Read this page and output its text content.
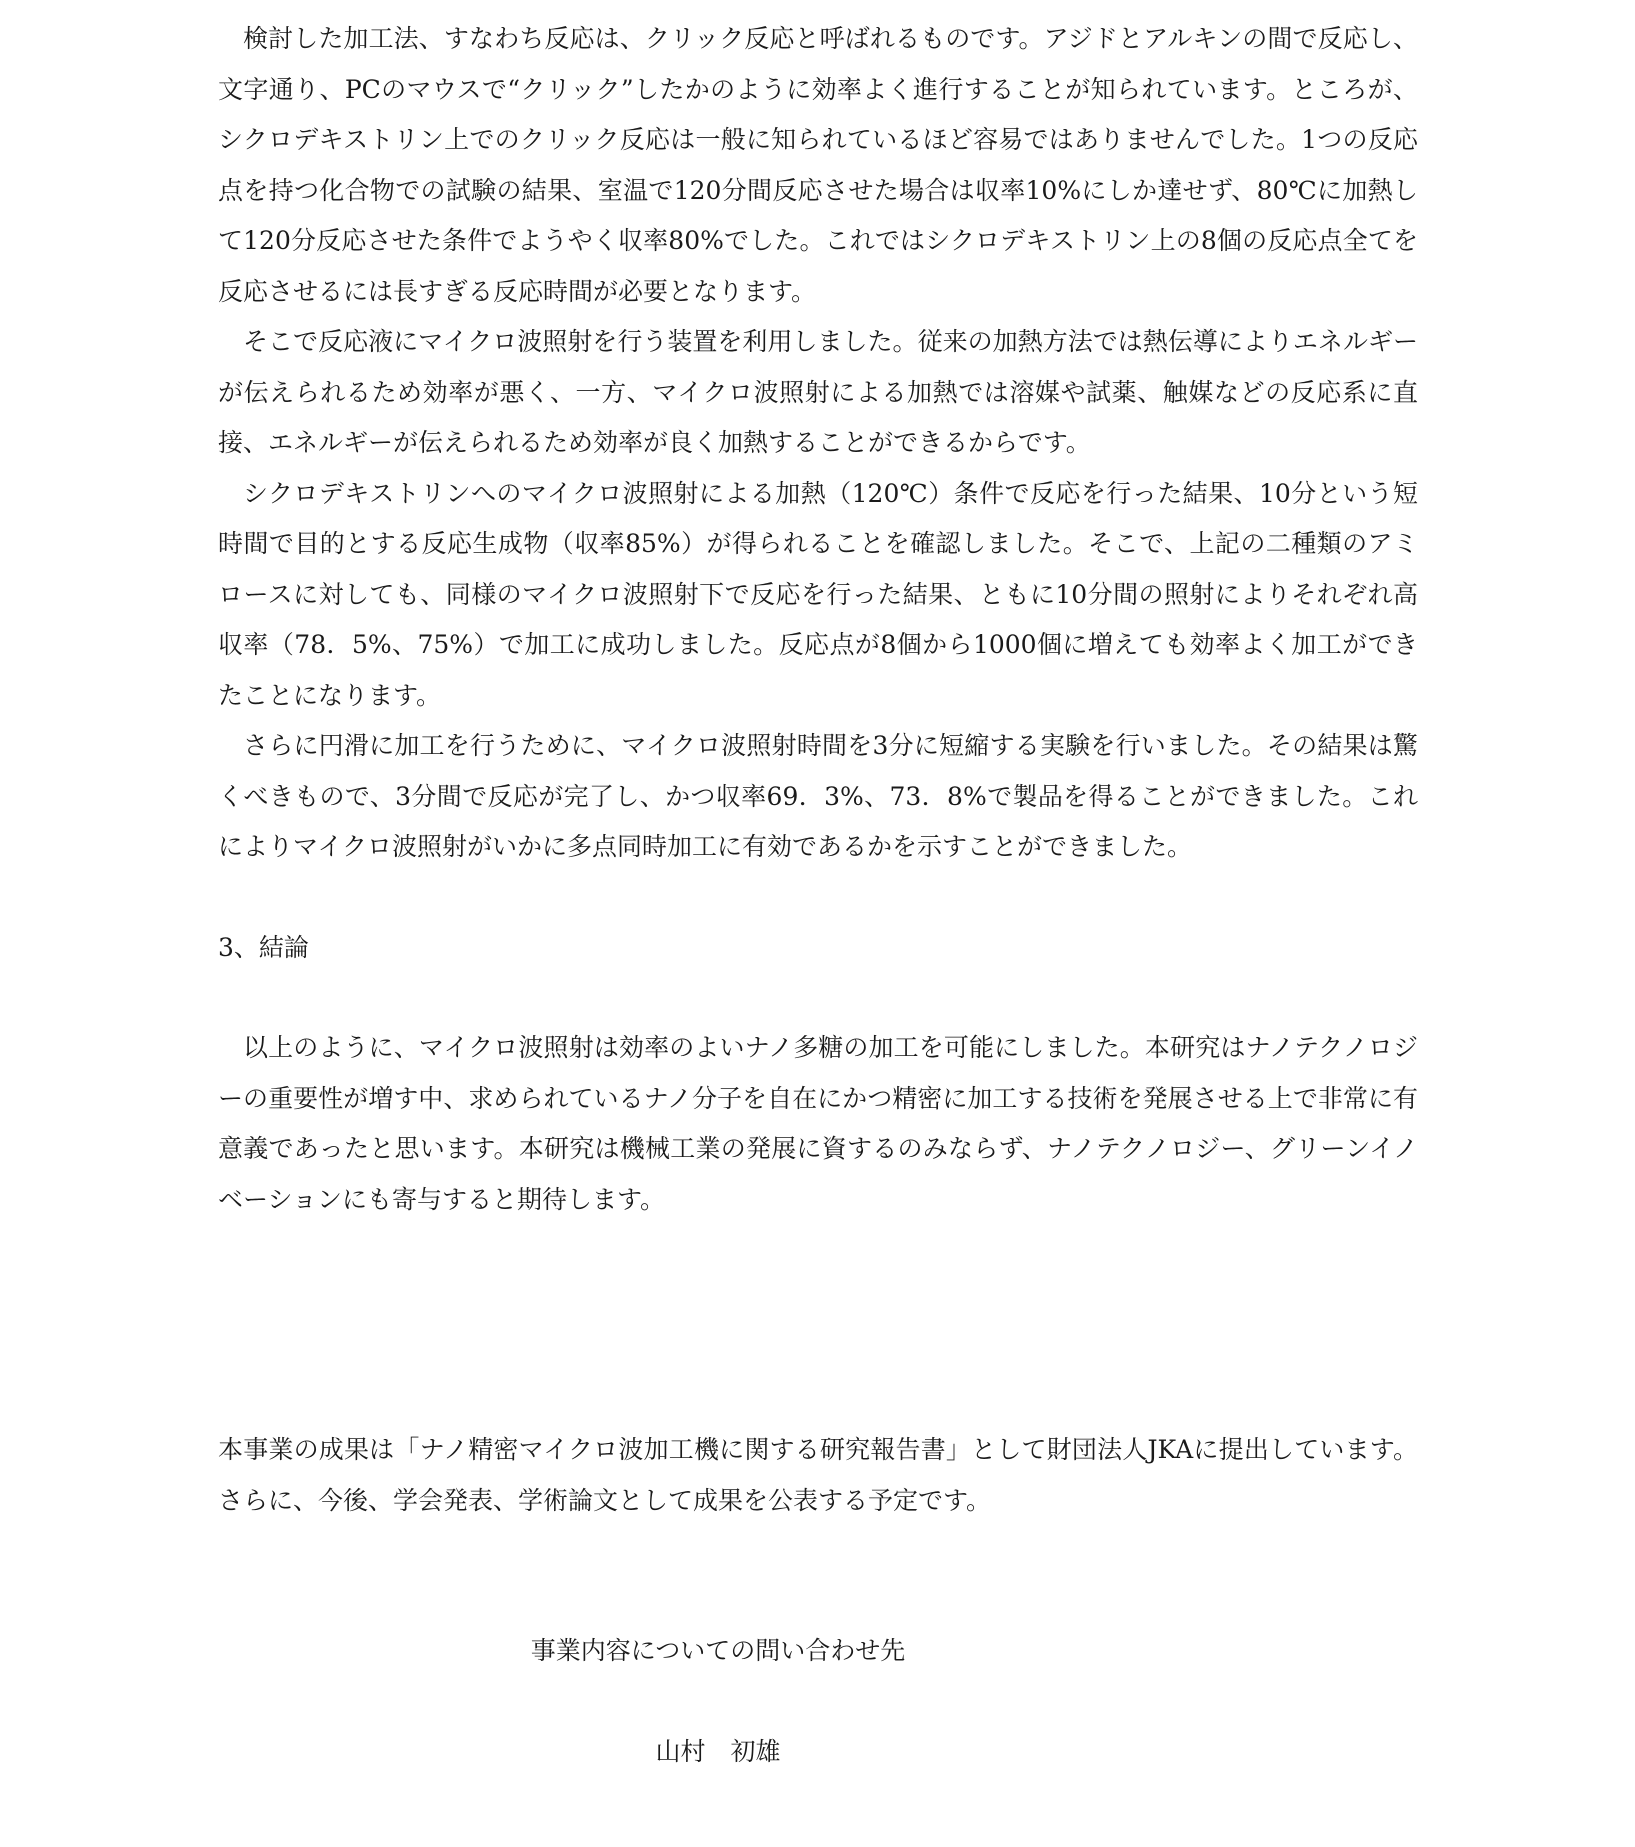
検討した加工法、すなわち反応は、クリック反応と呼ばれるものです。アジドとアルキンの間で反応し、文字通り、PCのマウスで“クリック”したかのように効率よく進行することが知られています。ところが、シクロデキストリン上でのクリック反応は一般に知られているほど容易ではありませんでした。1つの反応点を持つ化合物での試験の結果、室温で120分間反応させた場合は収率10%にしか達せず、80℃に加熱して120分反応させた条件でようやく収率80%でした。これではシクロデキストリン上の8個の反応点全てを反応させるには長すぎる反応時間が必要となります。

そこで反応液にマイクロ波照射を行う装置を利用しました。従来の加熱方法では熱伝導によりエネルギーが伝えられるため効率が悪く、一方、マイクロ波照射による加熱では溶媒や試薬、触媒などの反応系に直接、エネルギーが伝えられるため効率が良く加熱することができるからです。

シクロデキストリンへのマイクロ波照射による加熱（120℃）条件で反応を行った結果、10分という短時間で目的とする反応生成物（収率85%）が得られることを確認しました。そこで、上記の二種類のアミロースに対しても、同様のマイクロ波照射下で反応を行った結果、ともに10分間の照射によりそれぞれ高収率（78．5%、75%）で加工に成功しました。反応点が8個から1000個に増えても効率よく加工ができたことになります。

さらに円滑に加工を行うために、マイクロ波照射時間を3分に短縮する実験を行いました。その結果は驚くべきもので、3分間で反応が完了し、かつ収率69．3%、73．8%で製品を得ることができました。これによりマイクロ波照射がいかに多点同時加工に有効であるかを示すことができました。

3、結論

以上のように、マイクロ波照射は効率のよいナノ多糖の加工を可能にしました。本研究はナノテクノロジーの重要性が増す中、求められているナノ分子を自在にかつ精密に加工する技術を発展させる上で非常に有意義であったと思います。本研究は機械工業の発展に資するのみならず、ナノテクノロジー、グリーンイノベーションにも寄与すると期待します。

本事業の成果は「ナノ精密マイクロ波加工機に関する研究報告書」として財団法人JKAに提出しています。さらに、今後、学会発表、学術論文として成果を公表する予定です。

事業内容についての問い合わせ先

山村　初雄
